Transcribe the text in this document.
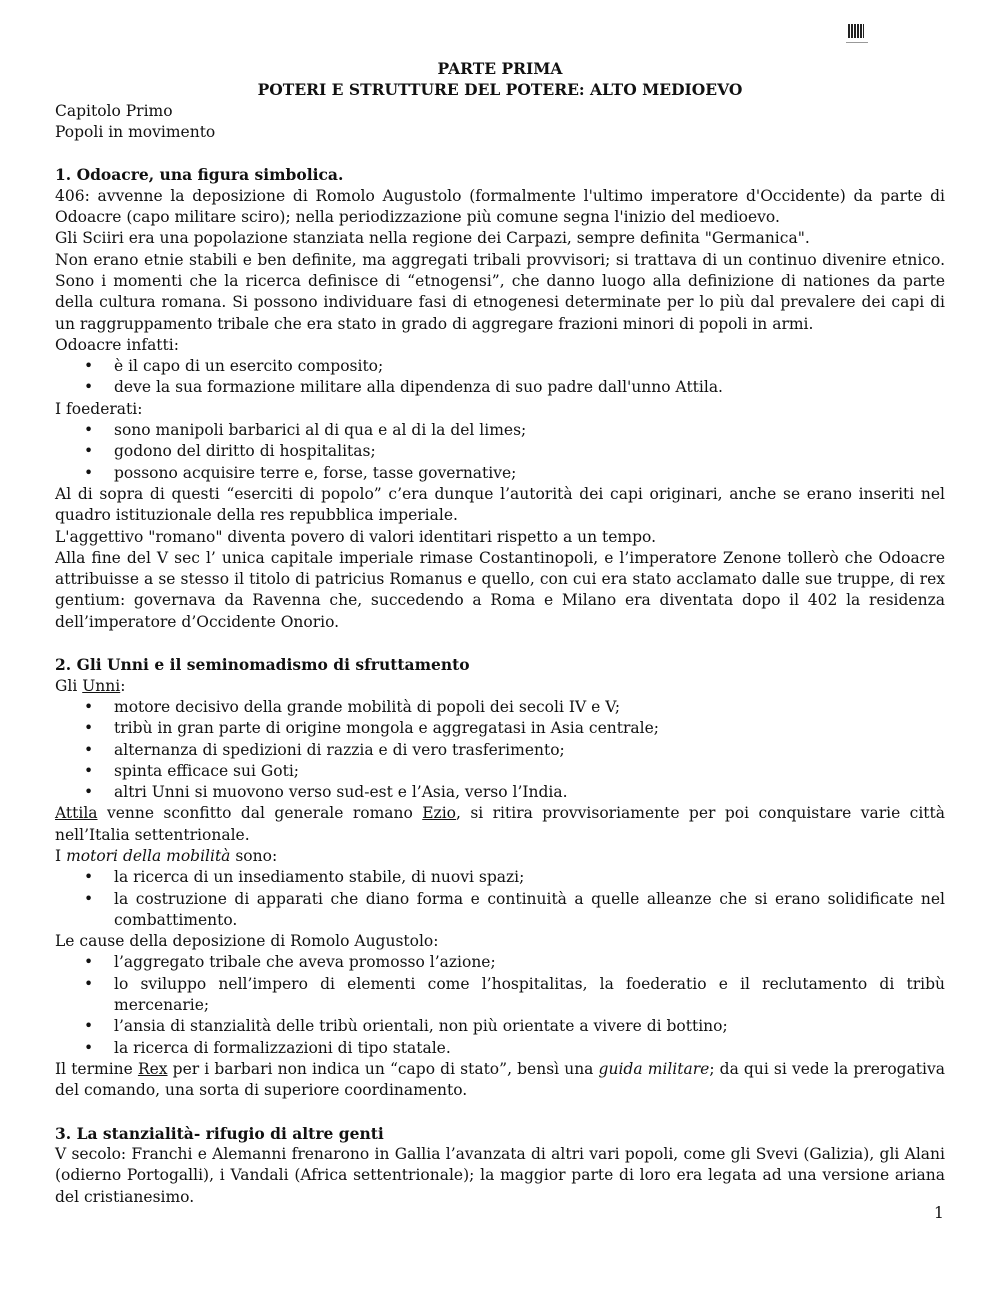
PARTE PRIMA
POTERI E STRUTTURE DEL POTERE: ALTO MEDIOEVO

Capitolo Primo

Popoli in movimento

1. Odoacre, una figura simbolica.

406: avvenne la deposizione di Romolo Augustolo (formalmente l'ultimo imperatore d'Occidente) da parte di Odoacre (capo militare sciro); nella periodizzazione più comune segna l'inizio del medioevo.

Gli Sciiri era una popolazione stanziata nella regione dei Carpazi, sempre definita "Germanica".

Non erano etnie stabili e ben definite, ma aggregati tribali provvisori; si trattava di un continuo divenire etnico. Sono i momenti che la ricerca definisce di “etnogensi”, che danno luogo alla definizione di nationes da parte della cultura romana. Si possono individuare fasi di etnogenesi determinate per lo più dal prevalere dei capi di un raggruppamento tribale che era stato in grado di aggregare frazioni minori di popoli in armi.

Odoacre infatti:

• è il capo di un esercito composito;
• deve la sua formazione militare alla dipendenza di suo padre dall'unno Attila.

I foederati:

• sono manipoli barbarici al di qua e al di la del limes;
• godono del diritto di hospitalitas;
• possono acquisire terre e, forse, tasse governative;

Al di sopra di questi “eserciti di popolo” c’era dunque l’autorità dei capi originari, anche se erano inseriti nel quadro istituzionale della res repubblica imperiale.

L'aggettivo "romano" diventa povero di valori identitari rispetto a un tempo.

Alla fine del V sec l’ unica capitale imperiale rimase Costantinopoli, e l’imperatore Zenone tollerò che Odoacre attribuisse a se stesso il titolo di patricius Romanus e quello, con cui era stato acclamato dalle sue truppe, di rex gentium: governava da Ravenna che, succedendo a Roma e Milano era diventata dopo il 402 la residenza dell’imperatore d’Occidente Onorio.

2. Gli Unni e il seminomadismo di sfruttamento

Gli Unni:

• motore decisivo della grande mobilità di popoli dei secoli IV e V;
• tribù in gran parte di origine mongola e aggregatasi in Asia centrale;
• alternanza di spedizioni di razzia e di vero trasferimento;
• spinta efficace sui Goti;
• altri Unni si muovono verso sud-est e l’Asia, verso l’India.

Attila venne sconfitto dal generale romano Ezio, si ritira provvisoriamente per poi conquistare varie città nell’Italia settentrionale.

I motori della mobilità sono:

• la ricerca di un insediamento stabile, di nuovi spazi;
• la costruzione di apparati che diano forma e continuità a quelle alleanze che si erano solidificate nel combattimento.

Le cause della deposizione di Romolo Augustolo:

• l’aggregato tribale che aveva promosso l’azione;
• lo sviluppo nell’impero di elementi come l’hospitalitas, la foederatio e il reclutamento di tribù mercenarie;
• l’ansia di stanzialità delle tribù orientali, non più orientate a vivere di bottino;
• la ricerca di formalizzazioni di tipo statale.

Il termine Rex per i barbari non indica un “capo di stato”, bensì una guida militare; da qui si vede la prerogativa del comando, una sorta di superiore coordinamento.

3. La stanzialità- rifugio di altre genti

V secolo: Franchi e Alemanni frenarono in Gallia l’avanzata di altri vari popoli, come gli Svevi (Galizia), gli Alani (odierno Portogalli), i Vandali (Africa settentrionale); la maggior parte di loro era legata ad una versione ariana del cristianesimo.

1
